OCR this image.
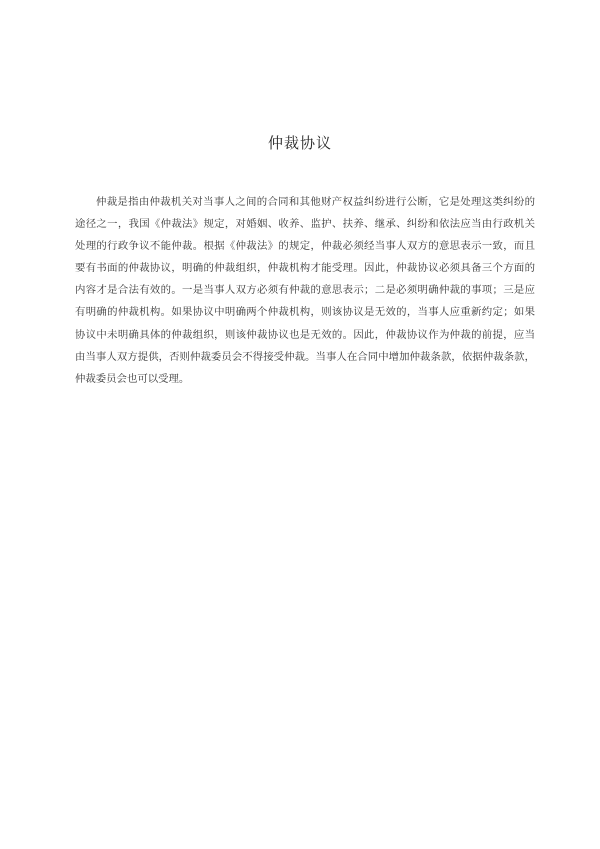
仲裁协议
仲裁是指由仲裁机关对当事人之间的合同和其他财产权益纠纷进行公断，它是处理这类纠纷的
途径之一，我国《仲裁法》规定，对婚姻、收养、监护、扶养、继承、纠纷和依法应当由行政机关
处理的行政争议不能仲裁。根据《仲裁法》的规定，仲裁必须经当事人双方的意思表示一致，而且
要有书面的仲裁协议，明确的仲裁组织，仲裁机构才能受理。因此，仲裁协议必须具备三个方面的
内容才是合法有效的。一是当事人双方必须有仲裁的意思表示；二是必须明确仲裁的事项；三是应
有明确的仲裁机构。如果协议中明确两个仲裁机构，则该协议是无效的，当事人应重新约定；如果
协议中未明确具体的仲裁组织，则该仲裁协议也是无效的。因此，仲裁协议作为仲裁的前提，应当
由当事人双方提供，否则仲裁委员会不得接受仲裁。当事人在合同中增加仲裁条款，依据仲裁条款，
仲裁委员会也可以受理。
